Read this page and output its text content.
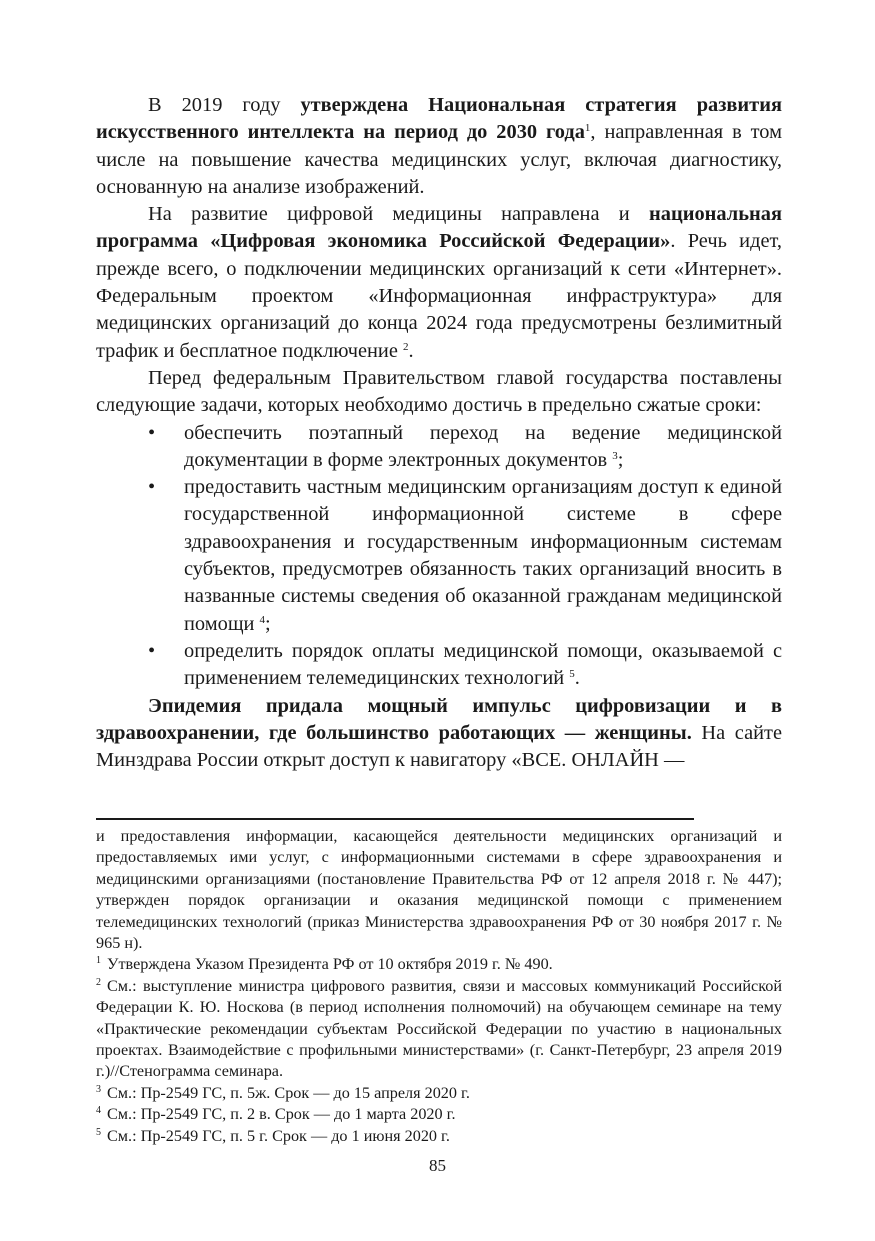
В 2019 году утверждена Национальная стратегия развития искусственного интеллекта на период до 2030 года$^1$, направленная в том числе на повышение качества медицинских услуг, включая диагностику, основанную на анализе изображений.

На развитие цифровой медицины направлена и национальная программа «Цифровая экономика Российской Федерации». Речь идет, прежде всего, о подключении медицинских организаций к сети «Интернет». Федеральным проектом «Информационная инфраструктура» для медицинских организаций до конца 2024 года предусмотрены безлимитный трафик и бесплатное подключение $^2$.

Перед федеральным Правительством главой государства поставлены следующие задачи, которых необходимо достичь в предельно сжатые сроки:

• обеспечить поэтапный переход на ведение медицинской документации в форме электронных документов $^3$;
• предоставить частным медицинским организациям доступ к единой государственной информационной системе в сфере здравоохранения и государственным информационным системам субъектов, предусмотрев обязанность таких организаций вносить в названные системы сведения об оказанной гражданам медицинской помощи $^4$;
• определить порядок оплаты медицинской помощи, оказываемой с применением телемедицинских технологий $^5$.

Эпидемия придала мощный импульс цифровизации и в здравоохранении, где большинство работающих — женщины. На сайте Минздрава России открыт доступ к навигатору «ВСЕ. ОНЛАЙН —

и предоставления информации, касающейся деятельности медицинских организаций и предоставляемых ими услуг, с информационными системами в сфере здравоохранения и медицинскими организациями (постановление Правительства РФ от 12 апреля 2018 г. № 447); утвержден порядок организации и оказания медицинской помощи с применением телемедицинских технологий (приказ Министерства здравоохранения РФ от 30 ноября 2017 г. № 965 н).

$^1$ Утверждена Указом Президента РФ от 10 октября 2019 г. № 490.

$^2$ См.: выступление министра цифрового развития, связи и массовых коммуникаций Российской Федерации К. Ю. Носкова (в период исполнения полномочий) на обучающем семинаре на тему «Практические рекомендации субъектам Российской Федерации по участию в национальных проектах. Взаимодействие с профильными министерствами» (г. Санкт-Петербург, 23 апреля 2019 г.)//Стенограмма семинара.

$^3$ См.: Пр-2549 ГС, п. 5ж. Срок — до 15 апреля 2020 г.

$^4$ См.: Пр-2549 ГС, п. 2 в. Срок — до 1 марта 2020 г.

$^5$ См.: Пр-2549 ГС, п. 5 г. Срок — до 1 июня 2020 г.

85
